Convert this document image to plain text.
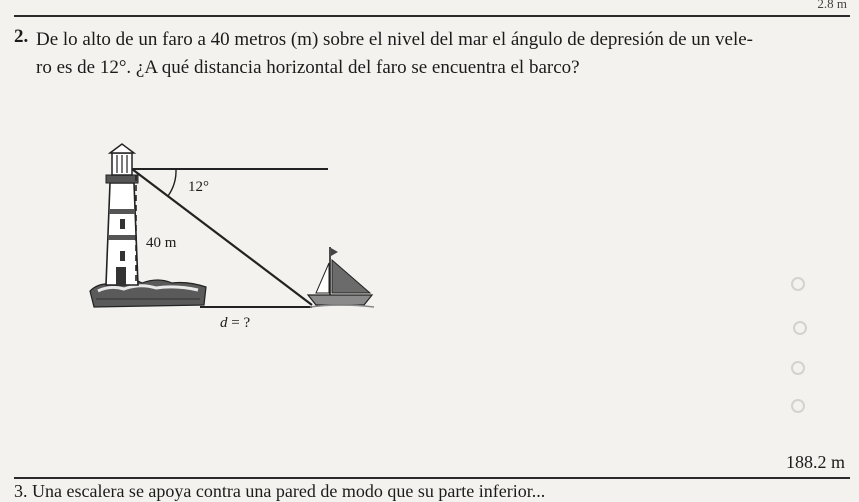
2.8 m
2. De lo alto de un faro a 40 metros (m) sobre el nivel del mar el ángulo de depresión de un vele-
ro es de 12°. ¿A qué distancia horizontal del faro se encuentra el barco?
12°
40 m
d = ?
188.2 m
3. Una escalera se apoya contra una pared de modo que su parte inferior...
